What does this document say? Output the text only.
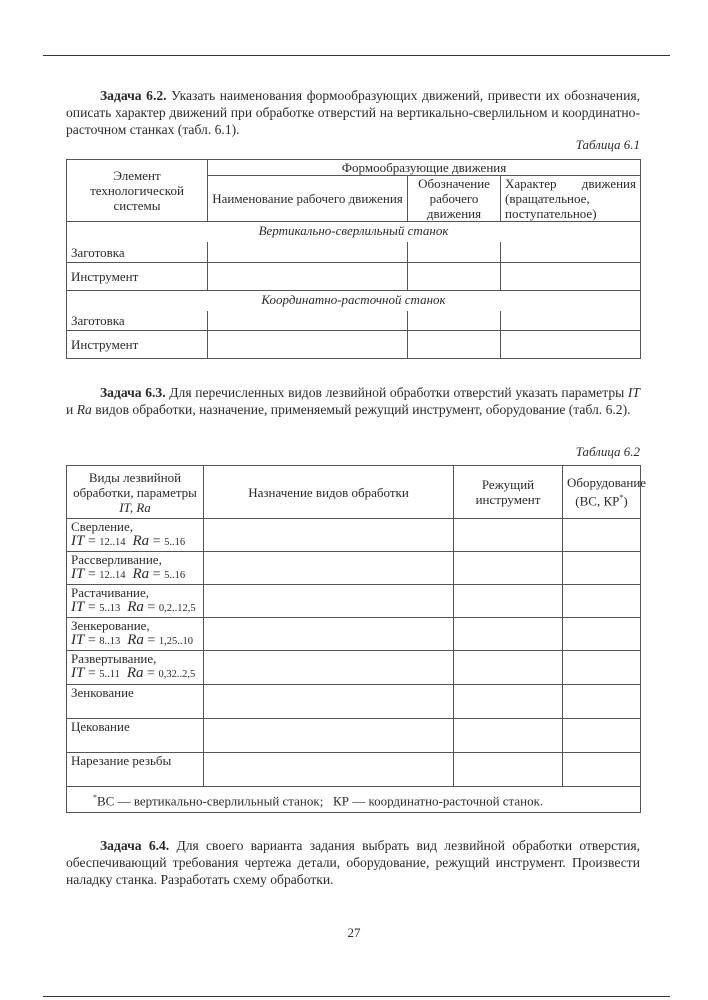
Задача 6.2. Указать наименования формообразующих движений, привести их обозначения, описать характер движений при обработке отверстий на вертикально-сверлильном и координатно-расточном станках (табл. 6.1).

Таблица 6.1
Элемент технологической системы	Формообразующие движения		
	Наименование рабочего движения	Обозначение рабочего движения	Характер движения (вращательное, поступательное)
Вертикально-сверлильный станок			
Заготовка			
Инструмент			
Координатно-расточной станок			
Заготовка			
Инструмент			

Задача 6.3. Для перечисленных видов лезвийной обработки отверстий указать параметры IT и Ra видов обработки, назначение, применяемый режущий инструмент, оборудование (табл. 6.2).

Таблица 6.2
Виды лезвийной обработки, параметры IT, Ra	Назначение видов обработки	Режущий инструмент	Оборудование (ВС, КР*)

Сверление,
IT = 12..14 Ra = 5..16			

Рассверливание,
IT = 12..14 Ra = 5..16			

Растачивание,
IT = 5..13 Ra = 0,2..12,5			

Зенкерование,
IT = 8..13 Ra = 1,25..10			

Развертывание,
IT = 5..11 Ra = 0,32..2,5			

Зенкование			
Цекование			
Нарезание резьбы			
*ВС — вертикально-сверлильный станок;   КР — координатно-расточной станок.			

Задача 6.4. Для своего варианта задания выбрать вид лезвийной обработки отверстия, обеспечивающий требования чертежа детали, оборудование, режущий инструмент. Произвести наладку станка. Разработать схему обработки.

27
